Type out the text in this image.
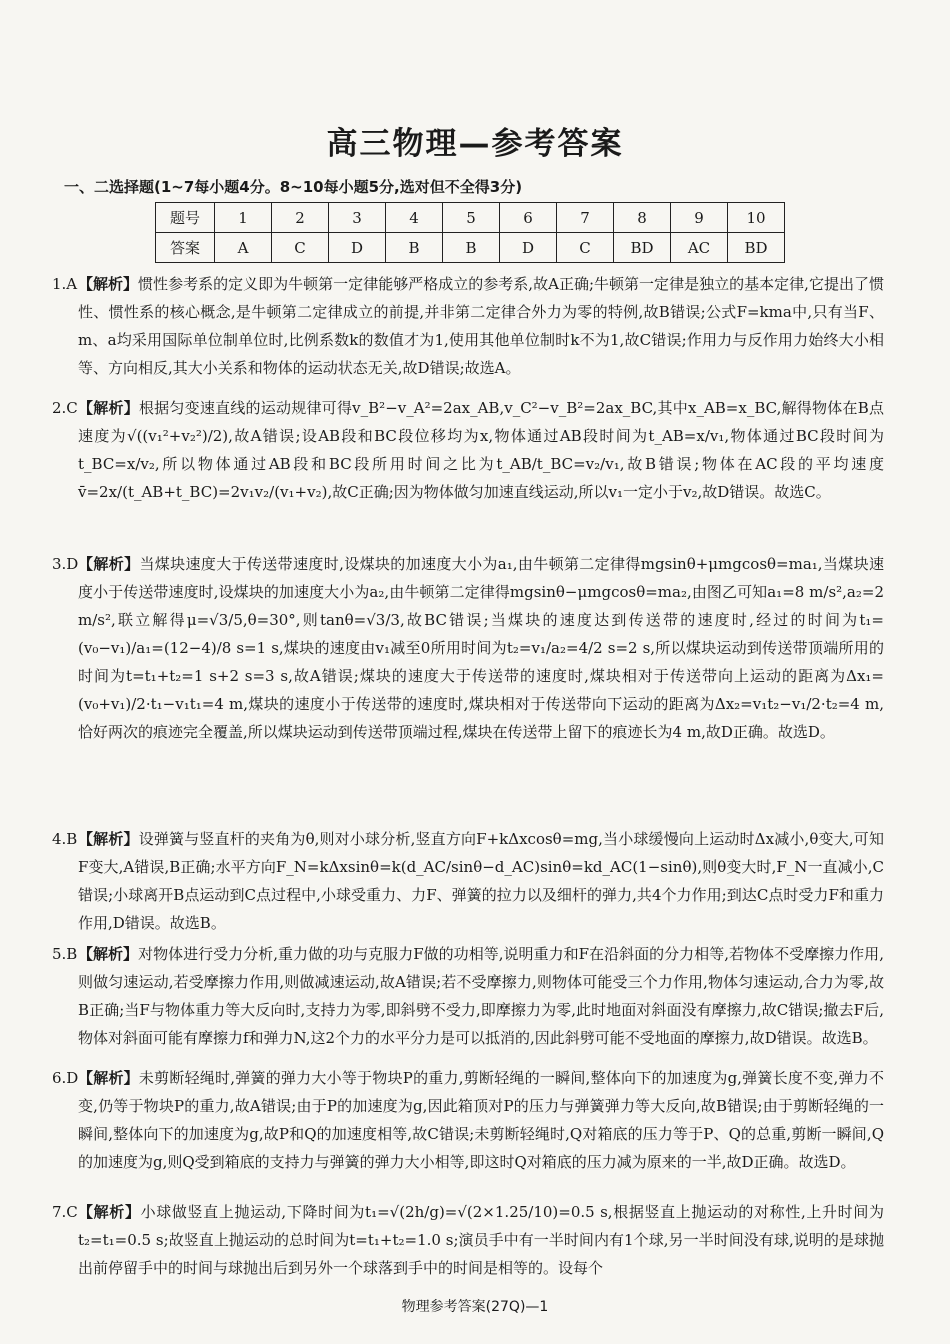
高三物理—参考答案
一、二选择题(1~7每小题4分。8~10每小题5分,选对但不全得3分)
题号	1	2	3	4	5	6	7	8	9	10
答案	A	C	D	B	B	D	C	BD	AC	BD
1.A 【解析】惯性参考系的定义即为牛顿第一定律能够严格成立的参考系,故A正确;牛顿第一定律是独立的基本定律,它提出了惯性、惯性系的核心概念,是牛顿第二定律成立的前提,并非第二定律合外力为零的特例,故B错误;公式F=kma中,只有当F、m、a均采用国际单位制单位时,比例系数k的数值才为1,使用其他单位制时k不为1,故C错误;作用力与反作用力始终大小相等、方向相反,其大小关系和物体的运动状态无关,故D错误;故选A。
2.C 【解析】根据匀变速直线的运动规律可得v_B²−v_A²=2ax_AB,v_C²−v_B²=2ax_BC,其中x_AB=x_BC,解得物体在B点速度为√((v₁²+v₂²)/2),故A错误;设AB段和BC段位移均为x,物体通过AB段时间为t_AB=x/v₁,物体通过BC段时间为t_BC=x/v₂,所以物体通过AB段和BC段所用时间之比为t_AB/t_BC=v₂/v₁,故B错误;物体在AC段的平均速度v̄=2x/(t_AB+t_BC)=2v₁v₂/(v₁+v₂),故C正确;因为物体做匀加速直线运动,所以v₁一定小于v₂,故D错误。故选C。
3.D 【解析】当煤块速度大于传送带速度时,设煤块的加速度大小为a₁,由牛顿第二定律得mgsinθ+μmgcosθ=ma₁,当煤块速度小于传送带速度时,设煤块的加速度大小为a₂,由牛顿第二定律得mgsinθ−μmgcosθ=ma₂,由图乙可知a₁=8 m/s²,a₂=2 m/s²,联立解得μ=√3/5,θ=30°,则tanθ=√3/3,故BC错误;当煤块的速度达到传送带的速度时,经过的时间为t₁=(v₀−v₁)/a₁=(12−4)/8 s=1 s,煤块的速度由v₁减至0所用时间为t₂=v₁/a₂=4/2 s=2 s,所以煤块运动到传送带顶端所用的时间为t=t₁+t₂=1 s+2 s=3 s,故A错误;煤块的速度大于传送带的速度时,煤块相对于传送带向上运动的距离为Δx₁=(v₀+v₁)/2·t₁−v₁t₁=4 m,煤块的速度小于传送带的速度时,煤块相对于传送带向下运动的距离为Δx₂=v₁t₂−v₁/2·t₂=4 m,恰好两次的痕迹完全覆盖,所以煤块运动到传送带顶端过程,煤块在传送带上留下的痕迹长为4 m,故D正确。故选D。
4.B 【解析】设弹簧与竖直杆的夹角为θ,则对小球分析,竖直方向F+kΔxcosθ=mg,当小球缓慢向上运动时Δx减小,θ变大,可知F变大,A错误,B正确;水平方向F_N=kΔxsinθ=k(d_AC/sinθ−d_AC)sinθ=kd_AC(1−sinθ),则θ变大时,F_N一直减小,C错误;小球离开B点运动到C点过程中,小球受重力、力F、弹簧的拉力以及细杆的弹力,共4个力作用;到达C点时受力F和重力作用,D错误。故选B。
5.B 【解析】对物体进行受力分析,重力做的功与克服力F做的功相等,说明重力和F在沿斜面的分力相等,若物体不受摩擦力作用,则做匀速运动,若受摩擦力作用,则做减速运动,故A错误;若不受摩擦力,则物体可能受三个力作用,物体匀速运动,合力为零,故B正确;当F与物体重力等大反向时,支持力为零,即斜劈不受力,即摩擦力为零,此时地面对斜面没有摩擦力,故C错误;撤去F后,物体对斜面可能有摩擦力f和弹力N,这2个力的水平分力是可以抵消的,因此斜劈可能不受地面的摩擦力,故D错误。故选B。
6.D 【解析】未剪断轻绳时,弹簧的弹力大小等于物块P的重力,剪断轻绳的一瞬间,整体向下的加速度为g,弹簧长度不变,弹力不变,仍等于物块P的重力,故A错误;由于P的加速度为g,因此箱顶对P的压力与弹簧弹力等大反向,故B错误;由于剪断轻绳的一瞬间,整体向下的加速度为g,故P和Q的加速度相等,故C错误;未剪断轻绳时,Q对箱底的压力等于P、Q的总重,剪断一瞬间,Q的加速度为g,则Q受到箱底的支持力与弹簧的弹力大小相等,即这时Q对箱底的压力减为原来的一半,故D正确。故选D。
7.C 【解析】小球做竖直上抛运动,下降时间为t₁=√(2h/g)=√(2×1.25/10)=0.5 s,根据竖直上抛运动的对称性,上升时间为t₂=t₁=0.5 s;故竖直上抛运动的总时间为t=t₁+t₂=1.0 s;演员手中有一半时间内有1个球,另一半时间没有球,说明的是球抛出前停留手中的时间与球抛出后到另外一个球落到手中的时间是相等的。设每个
物理参考答案(27Q)—1
